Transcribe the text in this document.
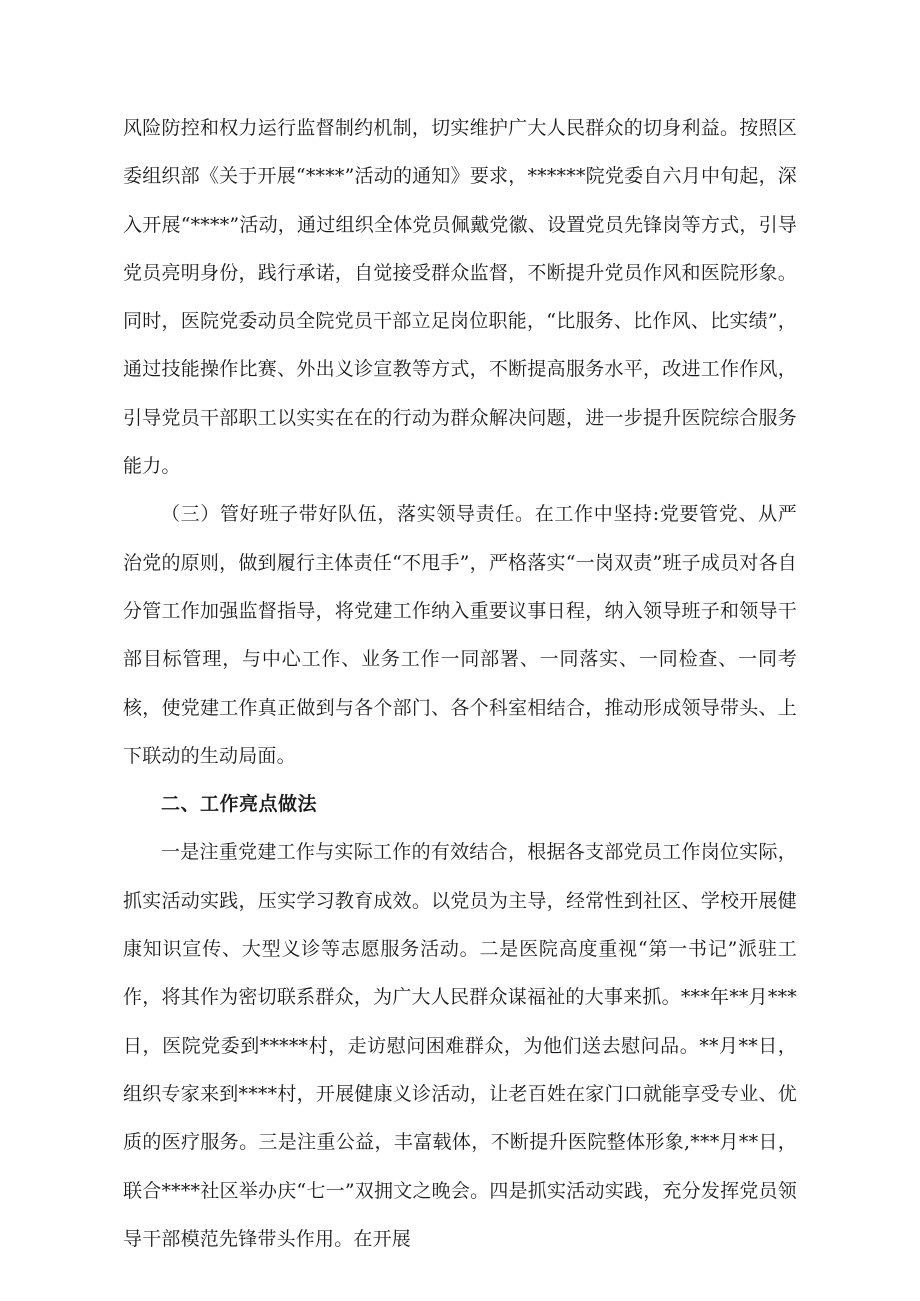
风险防控和权力运行监督制约机制，切实维护广大人民群众的切身利益。按照区委组织部《关于开展“****”活动的通知》要求，******院党委自六月中旬起，深入开展“****”活动，通过组织全体党员佩戴党徽、设置党员先锋岗等方式，引导党员亮明身份，践行承诺，自觉接受群众监督，不断提升党员作风和医院形象。同时，医院党委动员全院党员干部立足岗位职能，“比服务、比作风、比实绩”，通过技能操作比赛、外出义诊宣教等方式，不断提高服务水平，改进工作作风，引导党员干部职工以实实在在的行动为群众解决问题，进一步提升医院综合服务能力。

（三）管好班子带好队伍，落实领导责任。在工作中坚持:党要管党、从严治党的原则，做到履行主体责任“不甩手”，严格落实“一岗双责”班子成员对各自分管工作加强监督指导，将党建工作纳入重要议事日程，纳入领导班子和领导干部目标管理，与中心工作、业务工作一同部署、一同落实、一同检查、一同考核，使党建工作真正做到与各个部门、各个科室相结合，推动形成领导带头、上下联动的生动局面。

二、工作亮点做法

一是注重党建工作与实际工作的有效结合，根据各支部党员工作岗位实际，抓实活动实践，压实学习教育成效。以党员为主导，经常性到社区、学校开展健康知识宣传、大型义诊等志愿服务活动。二是医院高度重视“第一书记”派驻工作，将其作为密切联系群众，为广大人民群众谋福祉的大事来抓。***年**月***日，医院党委到*****村，走访慰问困难群众，为他们送去慰问品。**月**日，组织专家来到****村，开展健康义诊活动，让老百姓在家门口就能享受专业、优质的医疗服务。三是注重公益，丰富载体，不断提升医院整体形象,***月**日，联合****社区举办庆“七一”双拥文之晚会。四是抓实活动实践，充分发挥党员领导干部模范先锋带头作用。在开展
